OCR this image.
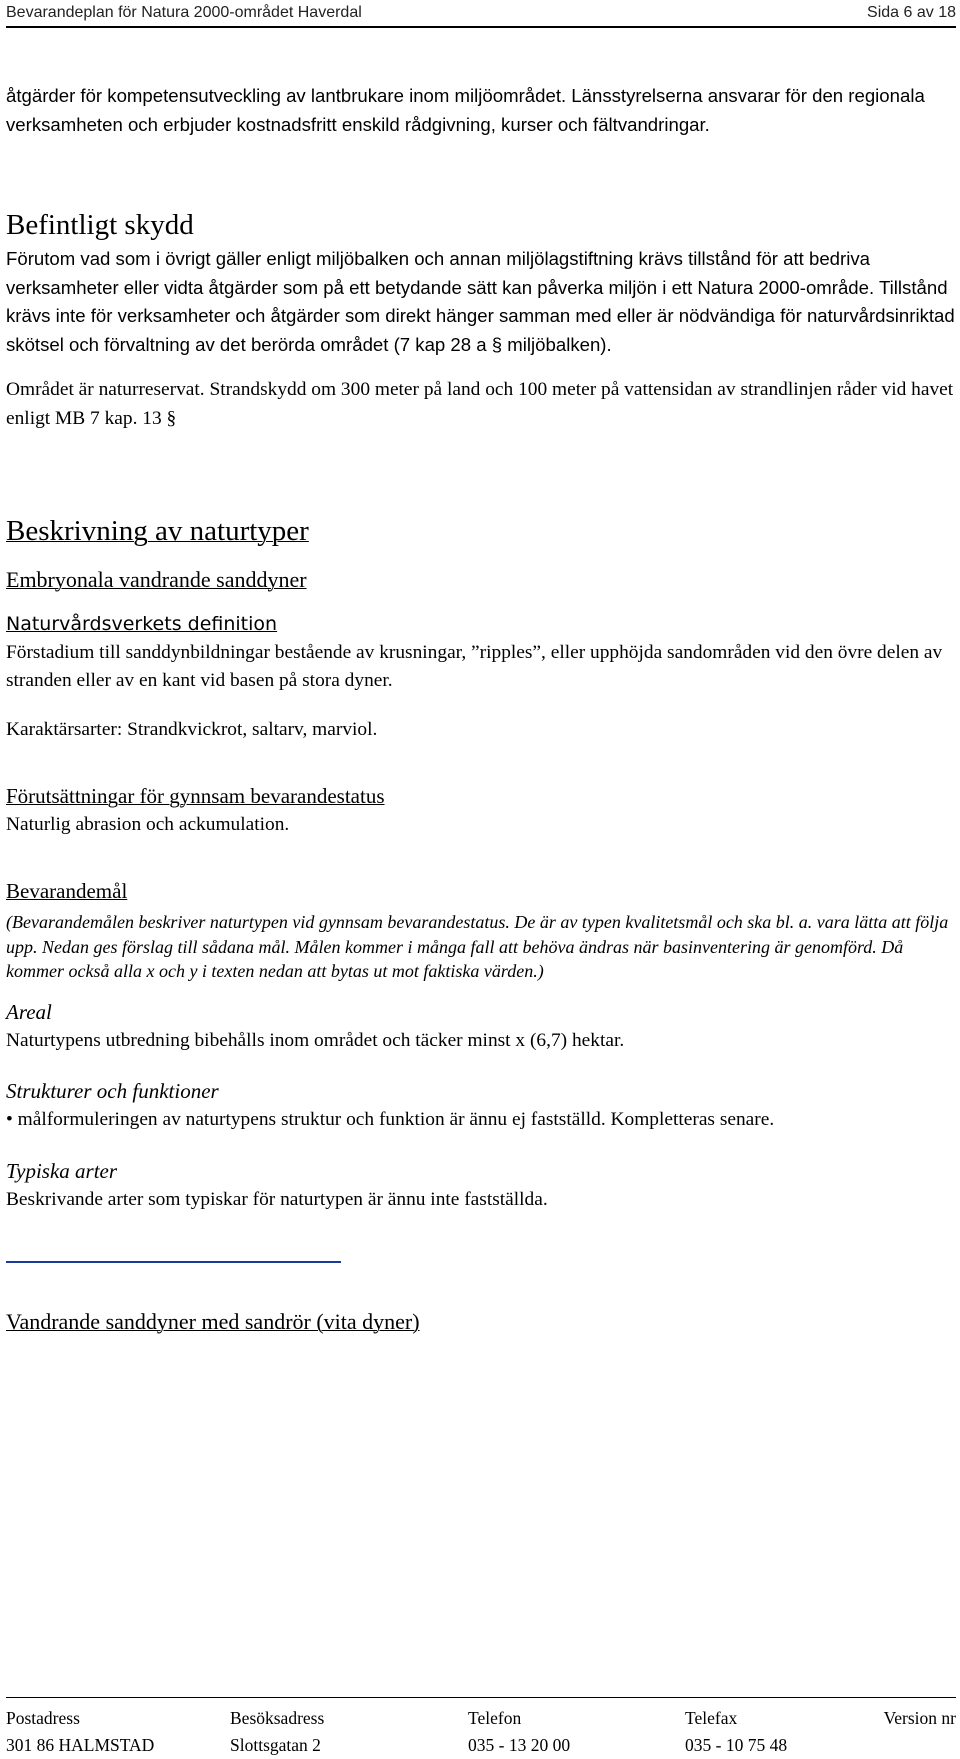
Bevarandeplan för Natura 2000-området Haverdal	Sida 6 av 18

åtgärder för kompetensutveckling av lantbrukare inom miljöområdet. Länsstyrelserna ansvarar för den regionala verksamheten och erbjuder kostnadsfritt enskild rådgivning, kurser och fältvandringar.

Befintligt skydd

Förutom vad som i övrigt gäller enligt miljöbalken och annan miljölagstiftning krävs tillstånd för att bedriva verksamheter eller vidta åtgärder som på ett betydande sätt kan påverka miljön i ett Natura 2000-område. Tillstånd krävs inte för verksamheter och åtgärder som direkt hänger samman med eller är nödvändiga för naturvårdsinriktad skötsel och förvaltning av det berörda området (7 kap 28 a § miljöbalken).

Området är naturreservat. Strandskydd om 300 meter på land och 100 meter på vattensidan av strandlinjen råder vid havet enligt MB 7 kap. 13 §

Beskrivning av naturtyper
Embryonala vandrande sanddyner

Naturvårdsverkets definition

Förstadium till sanddynbildningar bestående av krusningar, ”ripples”, eller upphöjda sandområden vid den övre delen av stranden eller av en kant vid basen på stora dyner.

Karaktärsarter: Strandkvickrot, saltarv, marviol.

Förutsättningar för gynnsam bevarandestatus

Naturlig abrasion och ackumulation.

Bevarandemål

(Bevarandemålen beskriver naturtypen vid gynnsam bevarandestatus. De är av typen kvalitetsmål och ska bl. a. vara lätta att följa upp. Nedan ges förslag till sådana mål. Målen kommer i många fall att behöva ändras när basinventering är genomförd. Då kommer också alla x och y i texten nedan att bytas ut mot faktiska värden.)

Areal

Naturtypens utbredning bibehålls inom området och täcker minst x (6,7) hektar.

Strukturer och funktioner

• målformuleringen av naturtypens struktur och funktion är ännu ej fastställd. Kompletteras senare.

Typiska arter

Beskrivande arter som typiskar för naturtypen är ännu inte fastställda.

Vandrande sanddyner med sandrör (vita dyner)
Postadress
301 86 HALMSTAD
Besöksadress
Slottsgatan 2
Telefon
035 - 13 20 00
Telefax
035 - 10 75 48
Version nr
